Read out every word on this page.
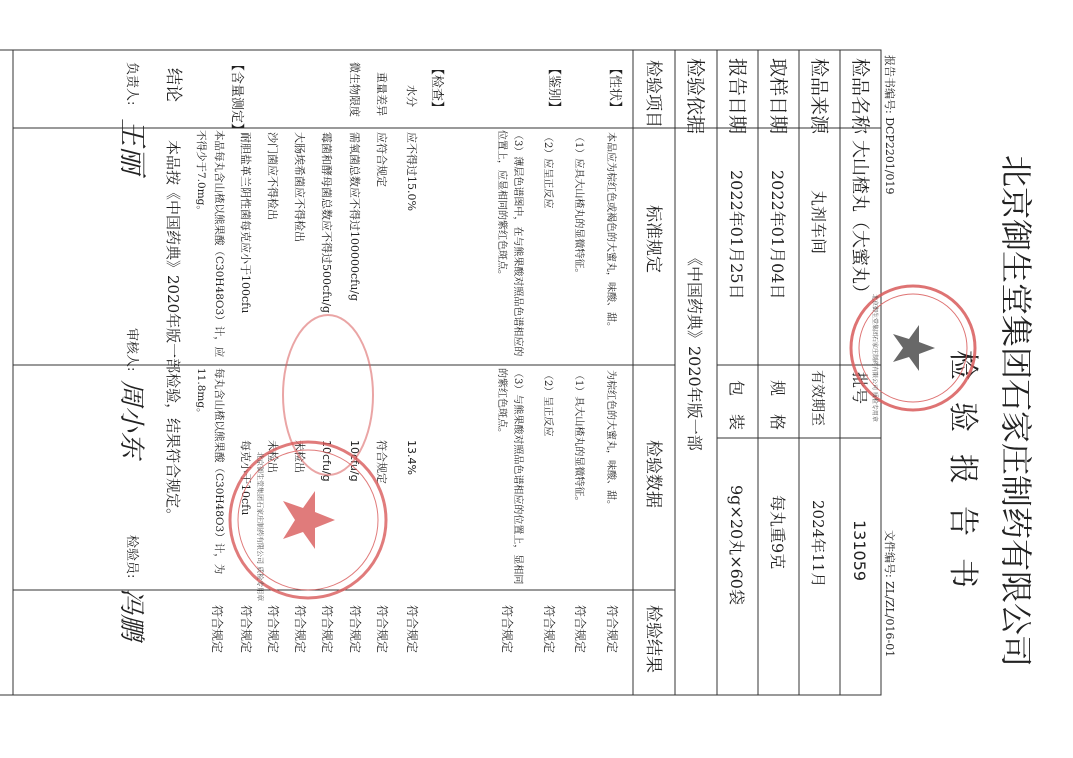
北京御生堂集团石家庄制药有限公司
检验报告书
报告书编号: DCP2201/019
文件编号: ZL/ZL/016-01
检品名称
大山楂丸（大蜜丸）
批号
131059
检品来源
丸剂车间
有效期至
2024年11月
取样日期
2022年01月04日
规格
每丸重9克
报告日期
2022年01月25日
包装
9g×20丸×60袋
检验依据
《中国药典》2020年版一部
检验项目
标准规定
检验数据
检验结果
【性状】
【鉴别】
【检查】
【含量测定】
本品应为棕红色或褐色的大蜜丸，味酸、甜。
为棕红色的大蜜丸，味酸、甜。
符合规定
（1）应具大山楂丸的显微特征。
（1）具大山楂丸的显微特征。
符合规定
（2）应呈正反应
（2）呈正反应
符合规定
（3）薄层色谱图中，在与熊果酸对照品色谱相应的位置上，应显相同的紫红色斑点。
（3）与熊果酸对照品色谱相应的位置上，显相同的紫红色斑点。
符合规定
水分
应不得过15.0%
13.4%
符合规定
重量差异
应符合规定
符合规定
符合规定
微生物限度
需氧菌总数应不得过100000cfu/g
10cfu/g
符合规定
霉菌和酵母菌总数应不得过500cfu/g
10cfu/g
符合规定
大肠埃希菌应不得检出
未检出
符合规定
沙门菌应不得检出
未检出
符合规定
耐胆盐革兰阴性菌每克应小于100cfu
每克小于10cfu
符合规定
本品每丸含山楂以熊果酸（C30H48O3）计，应不得少于7.0mg。
每丸含山楂以熊果酸（C30H48O3）计，为11.8mg。
符合规定
结论
本品按《中国药典》2020年版一部检验，结果符合规定。
负责人:
王丽
审核人:
周小东
检验员:
冯鹏
北京御生堂集团石家庄制药有限公司 质检专用章
北京御生堂集团石家庄制药有限公司 质检专用章
